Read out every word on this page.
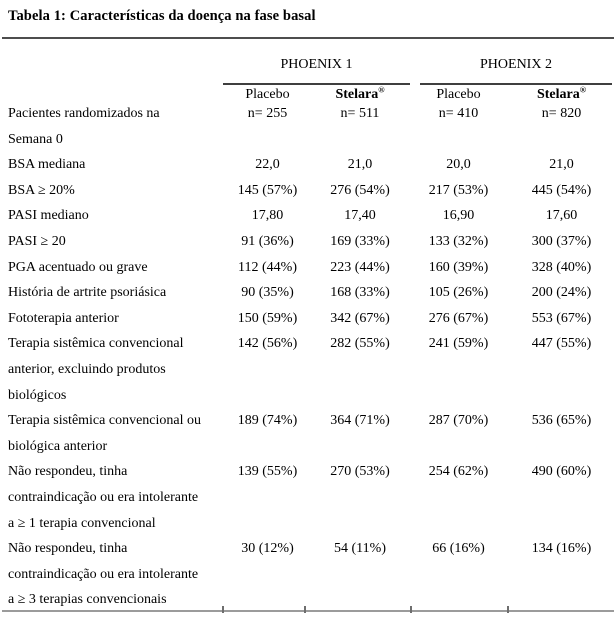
Tabela 1: Características da doença na fase basal
PHOENIX 1	PHOENIX 2
Placebo	Stelara®	Placebo	Stelara®
Pacientes randomizados na
Semana 0
n= 255	n= 511	n= 410	n= 820
BSA mediana	22,0	21,0	20,0	21,0
BSA ≥ 20%	145 (57%)	276 (54%)	217 (53%)	445 (54%)
PASI mediano	17,80	17,40	16,90	17,60
PASI ≥ 20	91 (36%)	169 (33%)	133 (32%)	300 (37%)
PGA acentuado ou grave	112 (44%)	223 (44%)	160 (39%)	328 (40%)
História de artrite psoriásica	90 (35%)	168 (33%)	105 (26%)	200 (24%)
Fototerapia anterior	150 (59%)	342 (67%)	276 (67%)	553 (67%)
Terapia sistêmica convencional
anterior, excluindo produtos
biológicos
142 (56%)	282 (55%)	241 (59%)	447 (55%)
Terapia sistêmica convencional ou
biológica anterior
189 (74%)	364 (71%)	287 (70%)	536 (65%)
Não respondeu, tinha
contraindicação ou era intolerante
a ≥ 1 terapia convencional
139 (55%)	270 (53%)	254 (62%)	490 (60%)
Não respondeu, tinha
contraindicação ou era intolerante
a ≥ 3 terapias convencionais
30 (12%)	54 (11%)	66 (16%)	134 (16%)
